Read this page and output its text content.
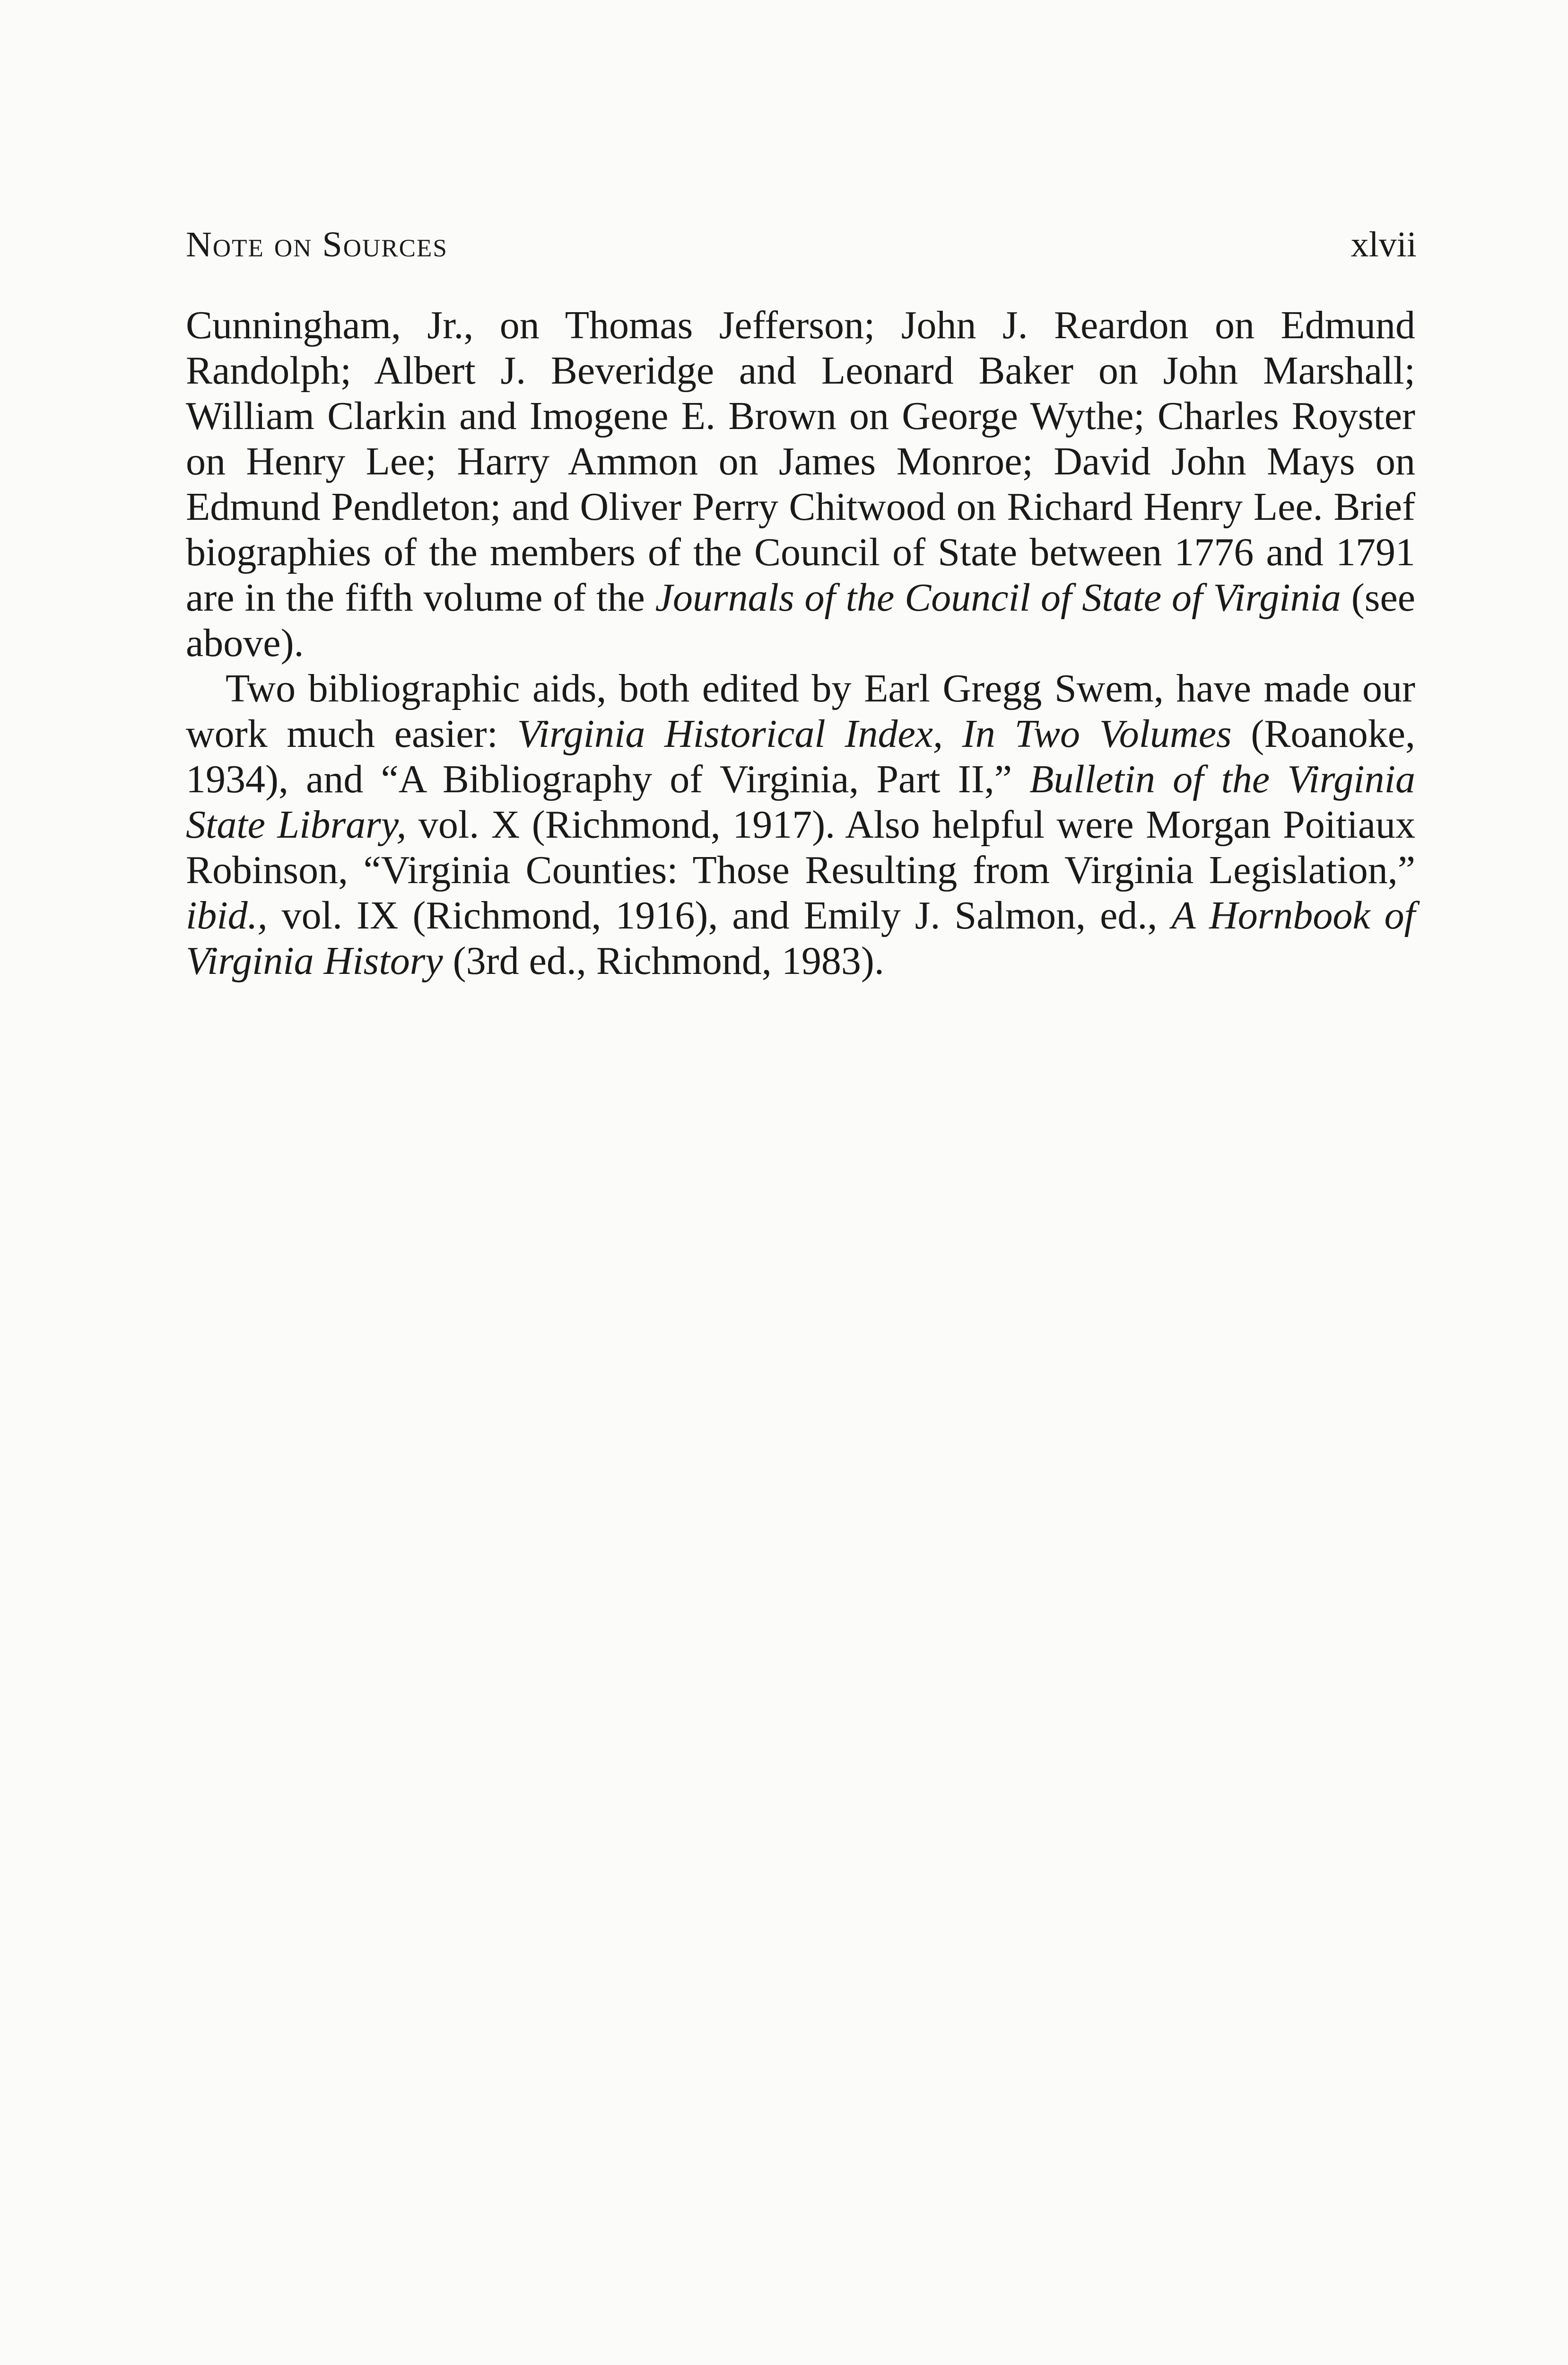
Note on Sources	xlvii

Cunningham, Jr., on Thomas Jefferson; John J. Reardon on Edmund Randolph; Albert J. Beveridge and Leonard Baker on John Marshall; William Clarkin and Imogene E. Brown on George Wythe; Charles Royster on Henry Lee; Harry Ammon on James Monroe; David John Mays on Edmund Pendleton; and Oliver Perry Chitwood on Richard Henry Lee. Brief biographies of the members of the Council of State between 1776 and 1791 are in the fifth volume of the Journals of the Council of State of Virginia (see above).

Two bibliographic aids, both edited by Earl Gregg Swem, have made our work much easier: Virginia Historical Index, In Two Volumes (Roanoke, 1934), and “A Bibliography of Virginia, Part II,” Bulletin of the Virginia State Library, vol. X (Richmond, 1917). Also helpful were Morgan Poitiaux Robinson, “Virginia Counties: Those Resulting from Virginia Legislation,” ibid., vol. IX (Richmond, 1916), and Emily J. Salmon, ed., A Hornbook of Virginia History (3rd ed., Richmond, 1983).
